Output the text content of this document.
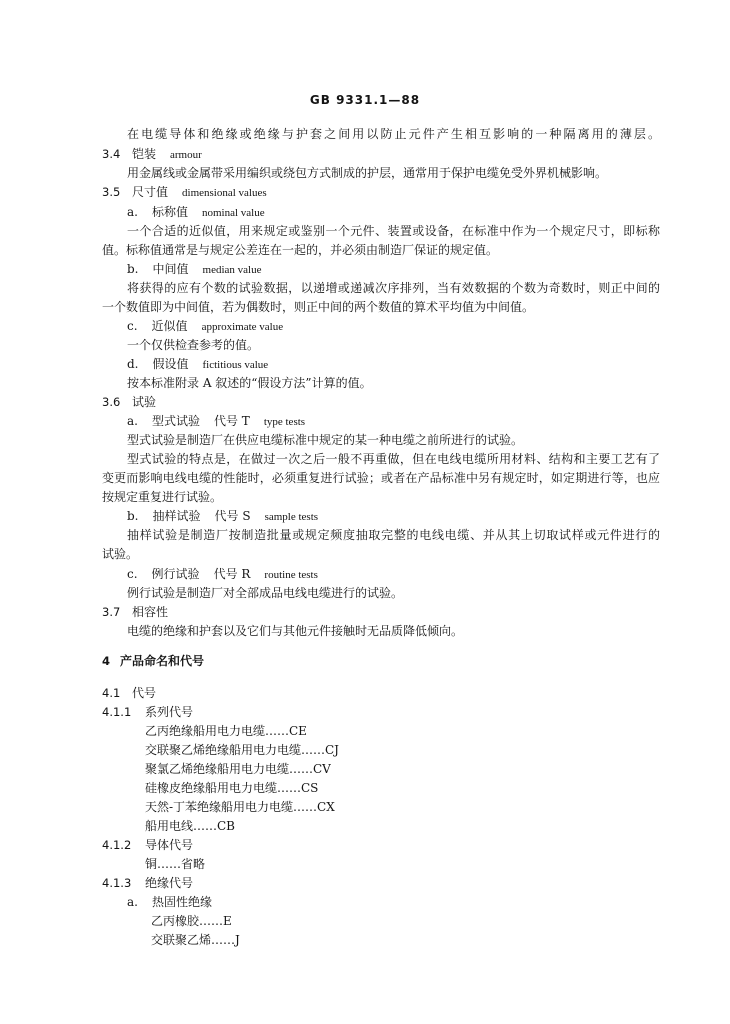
GB 9331.1—88
在电缆导体和绝缘或绝缘与护套之间用以防止元件产生相互影响的一种隔离用的薄层。
3.4 铠装 armour
用金属线或金属带采用编织或绕包方式制成的护层，通常用于保护电缆免受外界机械影响。
3.5 尺寸值 dimensional values
a. 标称值 nominal value
一个合适的近似值，用来规定或鉴别一个元件、装置或设备，在标准中作为一个规定尺寸，即标称
值。标称值通常是与规定公差连在一起的，并必须由制造厂保证的规定值。
b. 中间值 median value
将获得的应有个数的试验数据，以递增或递减次序排列，当有效数据的个数为奇数时，则正中间的
一个数值即为中间值，若为偶数时，则正中间的两个数值的算术平均值为中间值。
c. 近似值 approximate value
一个仅供检查参考的值。
d. 假设值 fictitious value
按本标准附录 A 叙述的“假设方法”计算的值。
3.6 试验
a. 型式试验 代号 T type tests
型式试验是制造厂在供应电缆标准中规定的某一种电缆之前所进行的试验。
型式试验的特点是，在做过一次之后一般不再重做，但在电线电缆所用材料、结构和主要工艺有了
变更而影响电线电缆的性能时，必须重复进行试验；或者在产品标准中另有规定时，如定期进行等，也应
按规定重复进行试验。
b. 抽样试验 代号 S sample tests
抽样试验是制造厂按制造批量或规定频度抽取完整的电线电缆、并从其上切取试样或元件进行的
试验。
c. 例行试验 代号 R routine tests
例行试验是制造厂对全部成品电线电缆进行的试验。
3.7 相容性
电缆的绝缘和护套以及它们与其他元件接触时无品质降低倾向。
4 产品命名和代号
4.1 代号
4.1.1 系列代号
乙丙绝缘船用电力电缆……CE
交联聚乙烯绝缘船用电力电缆……CJ
聚氯乙烯绝缘船用电力电缆……CV
硅橡皮绝缘船用电力电缆……CS
天然-丁苯绝缘船用电力电缆……CX
船用电线……CB
4.1.2 导体代号
铜……省略
4.1.3 绝缘代号
a. 热固性绝缘
乙丙橡胶……E
交联聚乙烯……J
